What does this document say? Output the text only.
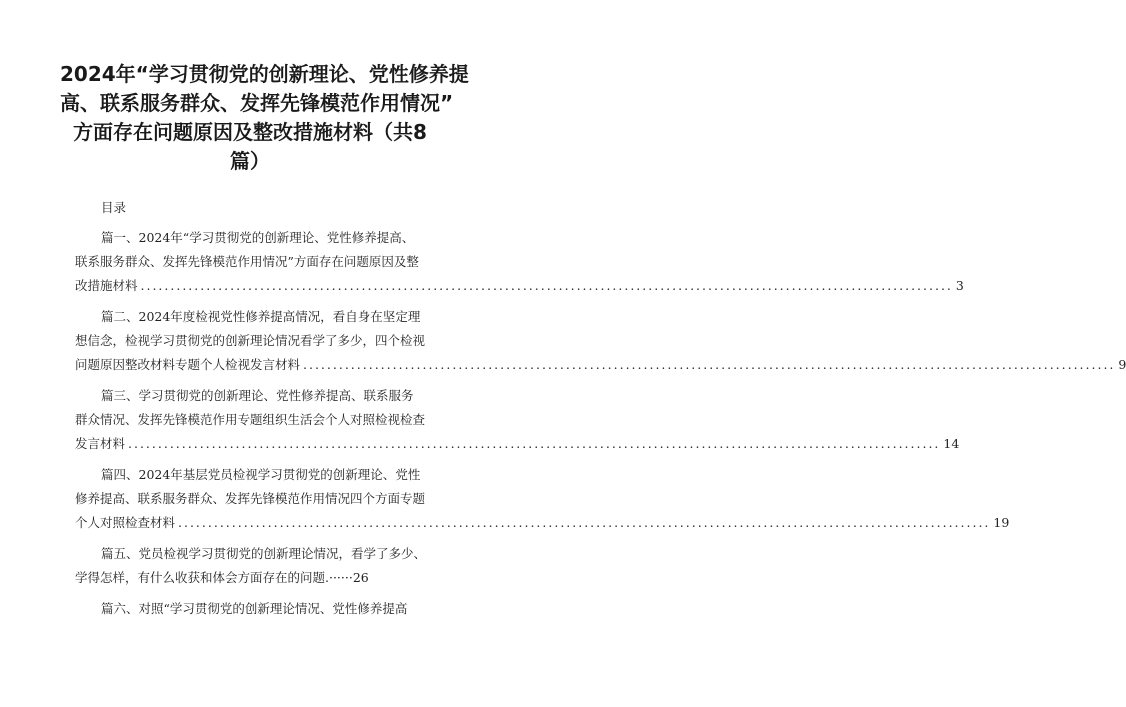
2024年“学习贯彻党的创新理论、党性修养提
高、联系服务群众、发挥先锋模范作用情况”
方面存在问题原因及整改措施材料（共8
篇）
目录
篇一、2024年“学习贯彻党的创新理论、党性修养提高、
联系服务群众、发挥先锋模范作用情况”方面存在问题原因及整
改措施材料 ........................................................................................................................................ 3
篇二、2024年度检视党性修养提高情况，看自身在坚定理
想信念，检视学习贯彻党的创新理论情况看学了多少，四个检视
问题原因整改材料专题个人检视发言材料 ........................................................................................................................................ 9
篇三、学习贯彻党的创新理论、党性修养提高、联系服务
群众情况、发挥先锋模范作用专题组织生活会个人对照检视检查
发言材料 ........................................................................................................................................ 14
篇四、2024年基层党员检视学习贯彻党的创新理论、党性
修养提高、联系服务群众、发挥先锋模范作用情况四个方面专题
个人对照检查材料 ........................................................................................................................................ 19
篇五、党员检视学习贯彻党的创新理论情况，看学了多少、
学得怎样，有什么收获和体会方面存在的问题.······26
篇六、对照“学习贯彻党的创新理论情况、党性修养提高
